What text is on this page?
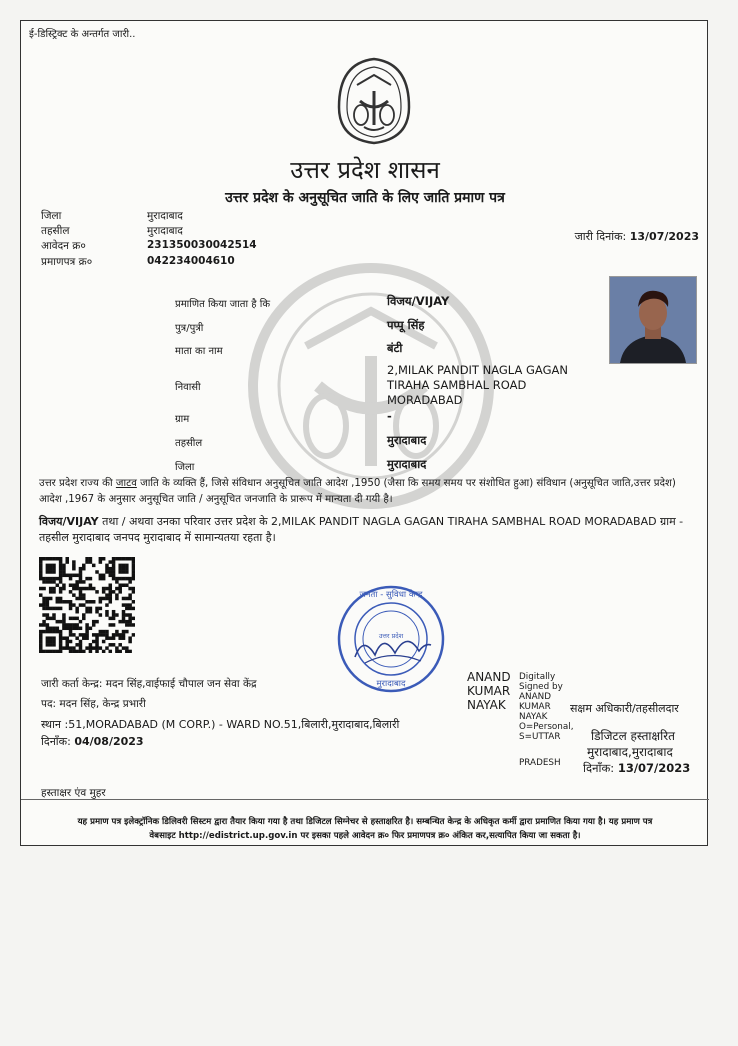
ई-डिस्ट्रिक्ट के अन्तर्गत जारी..
उत्तर प्रदेश शासन
उत्तर प्रदेश के अनुसूचित जाति के लिए जाति प्रमाण पत्र
जिला	मुरादाबाद
तहसील	मुरादाबाद
आवेदन क्र०	231350030042514
प्रमाणपत्र क्र०	042234004610
जारी दिनांक: 13/07/2023
प्रमाणित किया जाता है कि	विजय/VIJAY
पुत्र/पुत्री	पप्पू सिंह
माता का नाम	बंटी
निवासी
2,MILAK PANDIT NAGLA GAGAN
TIRAHA SAMBHAL ROAD
MORADABAD
ग्राम	-
तहसील	मुरादाबाद
जिला	मुरादाबाद
उत्तर प्रदेश राज्य की जाटव जाति के व्यक्ति हैं, जिसे संविधान अनुसूचित जाति आदेश ,1950 (जैसा कि समय समय पर संशोधित हुआ) संविधान (अनुसूचित जाति,उत्तर प्रदेश) आदेश ,1967 के अनुसार अनुसूचित जाति / अनुसूचित जनजाति के प्रारूप में मान्यता दी गयी है।
विजय/VIJAY तथा / अथवा उनका परिवार उत्तर प्रदेश के 2,MILAK PANDIT NAGLA GAGAN TIRAHA SAMBHAL ROAD MORADABAD ग्राम - तहसील मुरादाबाद जनपद मुरादाबाद में सामान्यतया रहता है।
जनता - सुविधा केन्द्र
उत्तर प्रदेश
मुरादाबाद
जारी कर्ता केन्द्र: मदन सिंह,वाईफाई चौपाल जन सेवा केंद्र
पद: मदन सिंह, केन्द्र प्रभारी
स्थान :51,MORADABAD (M CORP.) - WARD NO.51,बिलारी,मुरादाबाद,बिलारी
दिनाँक: 04/08/2023
ANAND
KUMAR
NAYAK
Digitally
Signed by
ANAND
KUMAR
NAYAK
O=Personal,
S=UTTAR
PRADESH
सक्षम अधिकारी/तहसीलदार
डिजिटल हस्ताक्षरित
मुरादाबाद,मुरादाबाद
दिनाँक: 13/07/2023
हस्ताक्षर एंव मुहर
यह प्रमाण पत्र इलेक्ट्रॉनिक डिलिवरी सिस्टम द्वारा तैयार किया गया है तथा डिजिटल सिग्नेचर से हस्ताक्षरित है। सम्बन्धित केन्द्र के अधिकृत कर्मी द्वारा प्रमाणित किया गया है। यह प्रमाण पत्र
वेबसाइट http://edistrict.up.gov.in पर इसका पहले आवेदन क्र० फिर प्रमाणपत्र क्र० अंकित कर,सत्यापित किया जा सकता है।
